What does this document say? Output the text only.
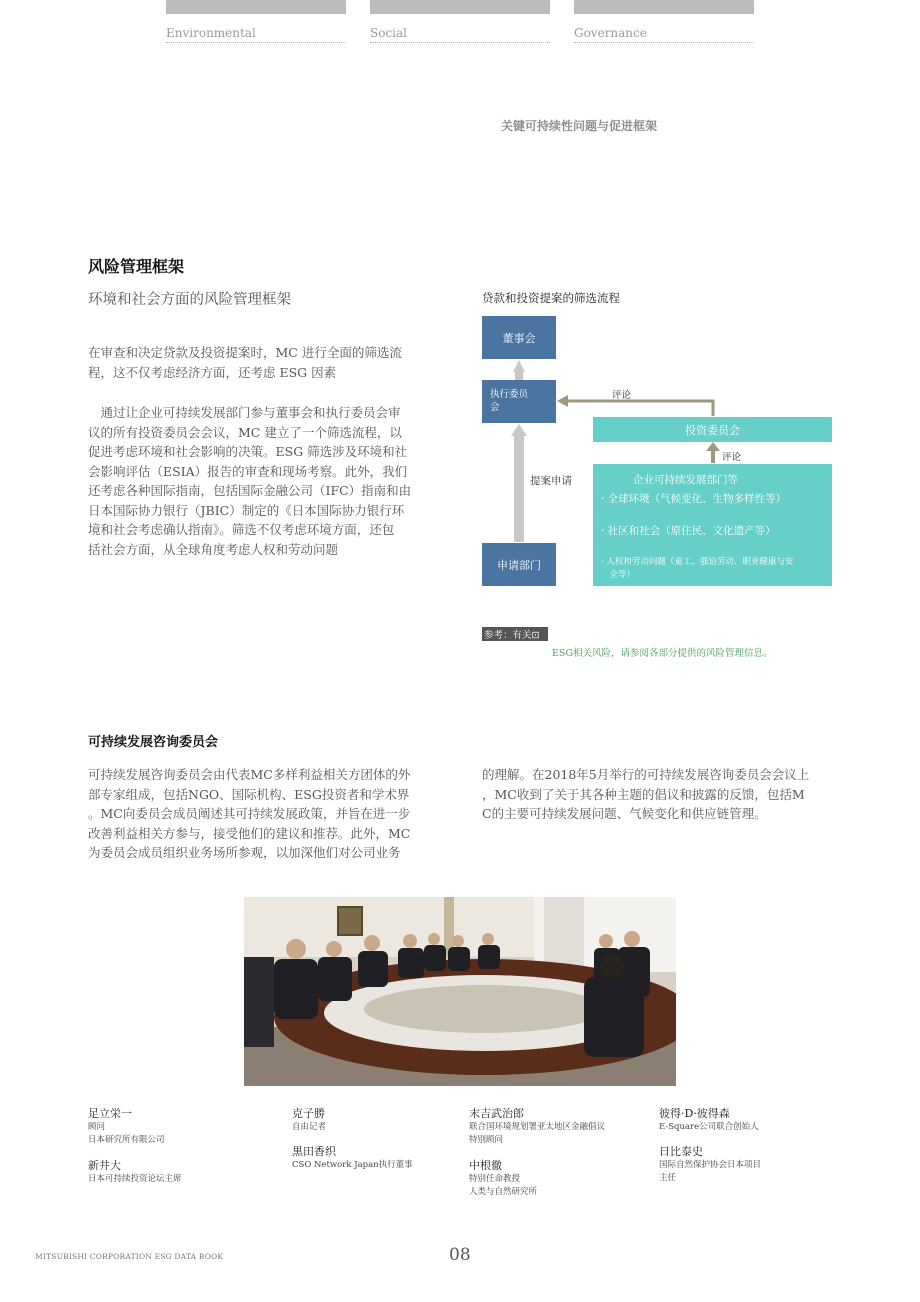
Environmental	Social	Governance
关键可持续性问题与促进框架
风险管理框架
环境和社会方面的风险管理框架
在审查和决定贷款及投资提案时，MC 进行全面的筛选流
程，这不仅考虑经济方面，还考虑 ESG 因素
　通过让企业可持续发展部门参与董事会和执行委员会审
议的所有投资委员会会议，MC 建立了一个筛选流程，以
促进考虑环境和社会影响的决策。ESG 筛选涉及环境和社
会影响评估（ESIA）报告的审查和现场考察。此外，我们
还考虑各种国际指南，包括国际金融公司（IFC）指南和由
日本国际协力银行（JBIC）制定的《日本国际协力银行环
境和社会考虑确认指南》。筛选不仅考虑环境方面，还包
括社会方面，从全球角度考虑人权和劳动问题
贷款和投资提案的筛选流程
董事会
执行委员
会
评论
投资委员会
评论
提案申请
申请部门
企业可持续发展部门等
· 全球环境（气候变化、生物多样性等）
· 社区和社会（原住民、文化遗产等）
· 人权和劳动问题（童工、强迫劳动、职业健康与安
　全等）
参考：有关⊡
ESG相关风险，请参阅各部分提供的风险管理信息。
可持续发展咨询委员会
可持续发展咨询委员会由代表MC多样利益相关方团体的外
部专家组成，包括NGO、国际机构、ESG投资者和学术界
。MC向委员会成员阐述其可持续发展政策，并旨在进一步
改善利益相关方参与，接受他们的建议和推荐。此外，MC
为委员会成员组织业务场所参观，以加深他们对公司业务
的理解。在2018年5月举行的可持续发展咨询委员会会议上
，MC收到了关于其各种主题的倡议和披露的反馈，包括M
C的主要可持续发展问题、气候变化和供应链管理。
足立栄一
顾问
日本研究所有限公司
新井大
日本可持续投资论坛主席
克子勝
自由记者
黒田香织
CSO Network Japan执行董事
末吉武治郎
联合国环境规划署亚太地区金融倡议
特别顾问
中根徹
特别任命教授
人类与自然研究所
彼得·D·彼得森
E-Square公司联合创始人
日比泰史
国际自然保护协会日本项目
主任
MITSUBISHI CORPORATION ESG DATA BOOK	08
